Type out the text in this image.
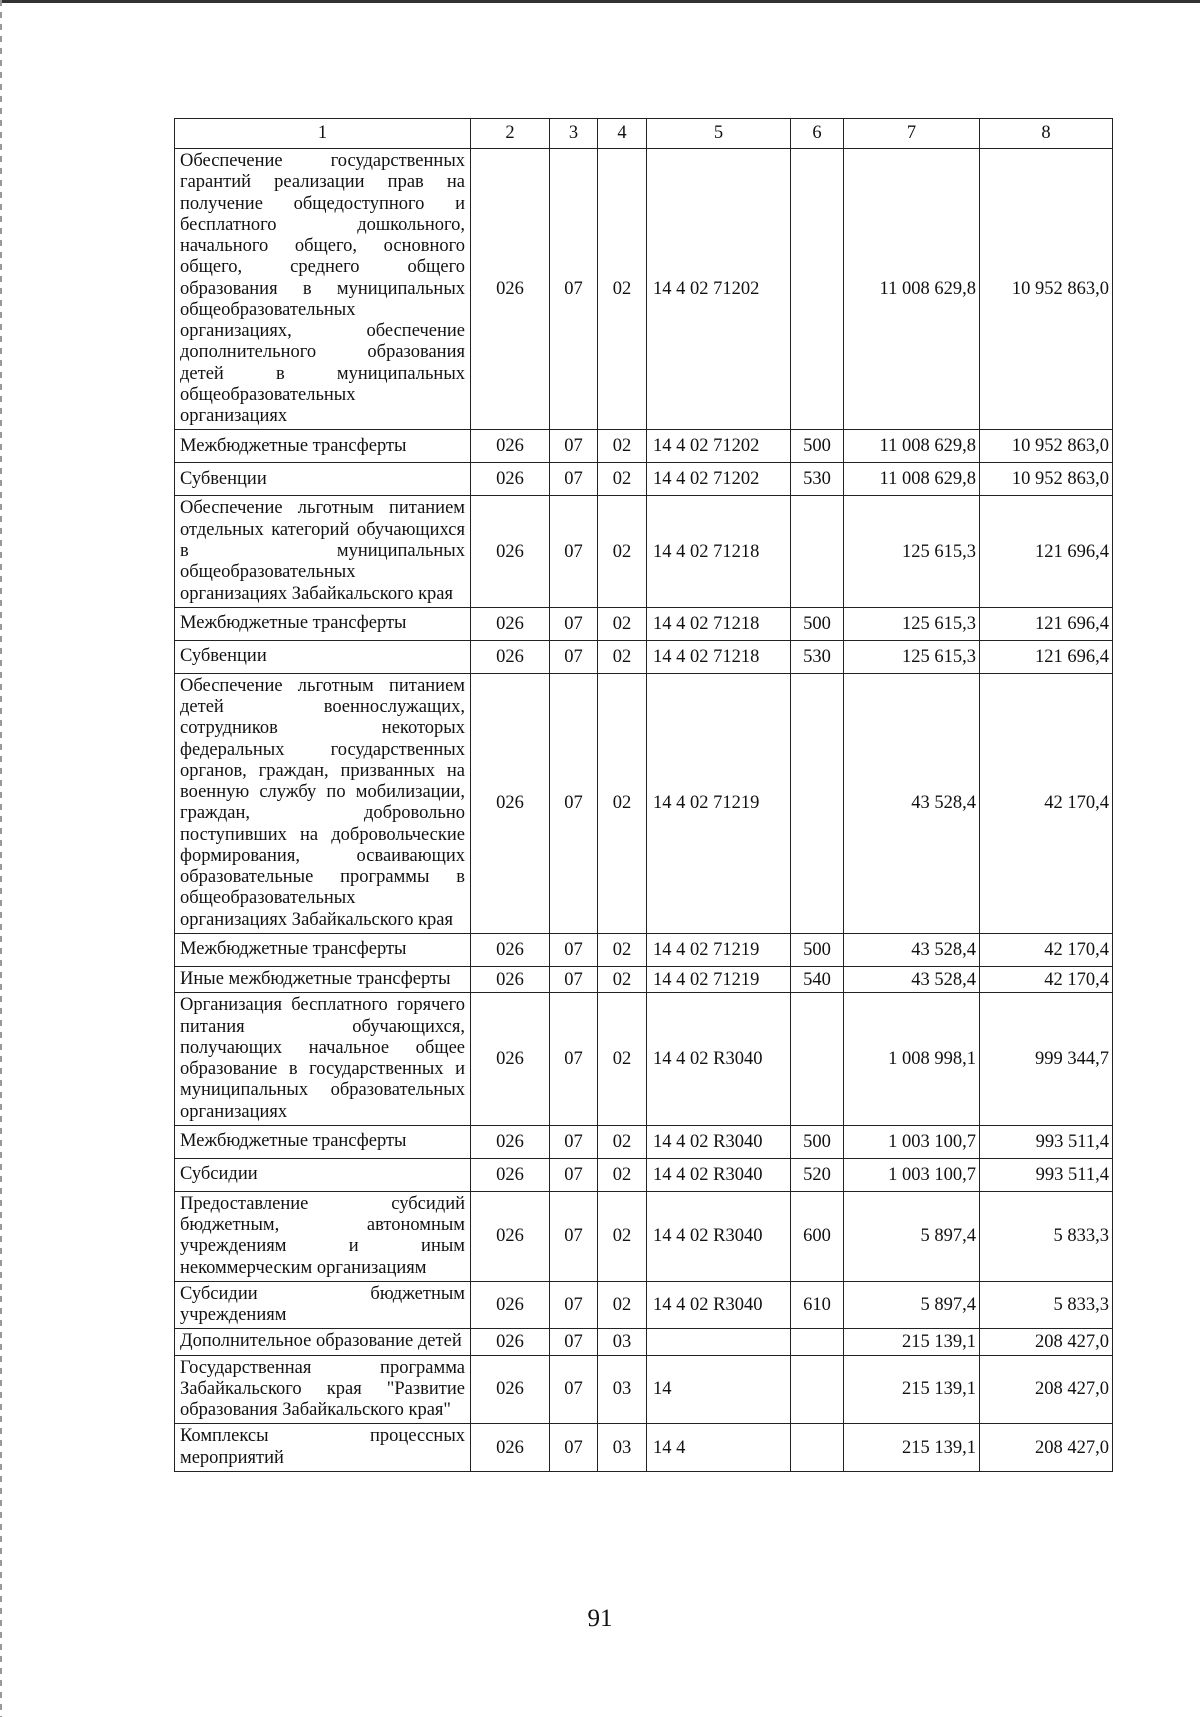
1	2	3	4	5	6	7	8
Обеспечение государственных гарантий реализации прав на получение общедоступного и бесплатного дошкольного, начального общего, основного общего, среднего общего образования в муниципальных общеобразовательных организациях, обеспечение дополнительного образования детей в муниципальных общеобразовательных организациях	026	07	02	14 4 02 71202		11 008 629,8	10 952 863,0
Межбюджетные трансферты	026	07	02	14 4 02 71202	500	11 008 629,8	10 952 863,0
Субвенции	026	07	02	14 4 02 71202	530	11 008 629,8	10 952 863,0
Обеспечение льготным питанием отдельных категорий обучающихся в муниципальных общеобразовательных организациях Забайкальского края	026	07	02	14 4 02 71218		125 615,3	121 696,4
Межбюджетные трансферты	026	07	02	14 4 02 71218	500	125 615,3	121 696,4
Субвенции	026	07	02	14 4 02 71218	530	125 615,3	121 696,4
Обеспечение льготным питанием детей военнослужащих, сотрудников некоторых федеральных государственных органов, граждан, призванных на военную службу по мобилизации, граждан, добровольно поступивших на добровольческие формирования, осваивающих образовательные программы в общеобразовательных организациях Забайкальского края	026	07	02	14 4 02 71219		43 528,4	42 170,4
Межбюджетные трансферты	026	07	02	14 4 02 71219	500	43 528,4	42 170,4
Иные межбюджетные трансферты	026	07	02	14 4 02 71219	540	43 528,4	42 170,4
Организация бесплатного горячего питания обучающихся, получающих начальное общее образование в государственных и муниципальных образовательных организациях	026	07	02	14 4 02 R3040		1 008 998,1	999 344,7
Межбюджетные трансферты	026	07	02	14 4 02 R3040	500	1 003 100,7	993 511,4
Субсидии	026	07	02	14 4 02 R3040	520	1 003 100,7	993 511,4
Предоставление субсидий бюджетным, автономным учреждениям и иным некоммерческим организациям	026	07	02	14 4 02 R3040	600	5 897,4	5 833,3
Субсидии бюджетным учреждениям	026	07	02	14 4 02 R3040	610	5 897,4	5 833,3
Дополнительное образование детей	026	07	03			215 139,1	208 427,0
Государственная программа Забайкальского края "Развитие образования Забайкальского края"	026	07	03	14		215 139,1	208 427,0
Комплексы процессных мероприятий	026	07	03	14 4		215 139,1	208 427,0
91
